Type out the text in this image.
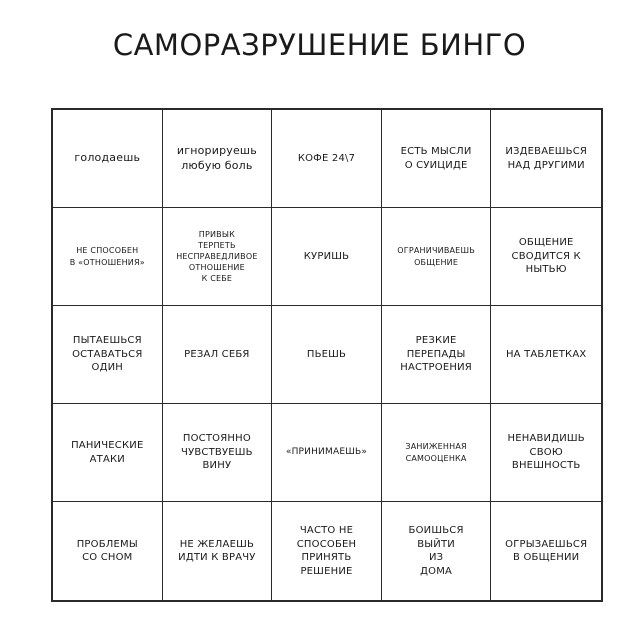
САМОРАЗРУШЕНИЕ БИНГО
голодаешь
игнорируешь
любую боль
КОФЕ 24\7
ЕСТЬ МЫСЛИ
О СУИЦИДЕ
ИЗДЕВАЕШЬСЯ
НАД ДРУГИМИ
НЕ СПОСОБЕН
В «ОТНОШЕНИЯ»
ПРИВЫК
ТЕРПЕТЬ
НЕСПРАВЕДЛИВОЕ
ОТНОШЕНИЕ
К СЕБЕ
КУРИШЬ	ОГРАНИЧИВАЕШЬ
ОБЩЕНИЕ
ОБЩЕНИЕ
СВОДИТСЯ К
НЫТЬЮ
ПЫТАЕШЬСЯ
ОСТАВАТЬСЯ
ОДИН
РЕЗАЛ СЕБЯ	ПЬЕШЬ
РЕЗКИЕ
ПЕРЕПАДЫ
НАСТРОЕНИЯ
НА ТАБЛЕТКАХ
ПАНИЧЕСКИЕ
АТАКИ
ПОСТОЯННО
ЧУВСТВУЕШЬ
ВИНУ
«ПРИНИМАЕШЬ»
ЗАНИЖЕННАЯ
САМООЦЕНКА
НЕНАВИДИШЬ
СВОЮ
ВНЕШНОСТЬ
ПРОБЛЕМЫ
СО СНОМ
НЕ ЖЕЛАЕШЬ
ИДТИ К ВРАЧУ
ЧАСТО НЕ
СПОСОБЕН
ПРИНЯТЬ
РЕШЕНИЕ
БОИШЬСЯ
ВЫЙТИ
ИЗ
ДОМА
ОГРЫЗАЕШЬСЯ
В ОБЩЕНИИ
